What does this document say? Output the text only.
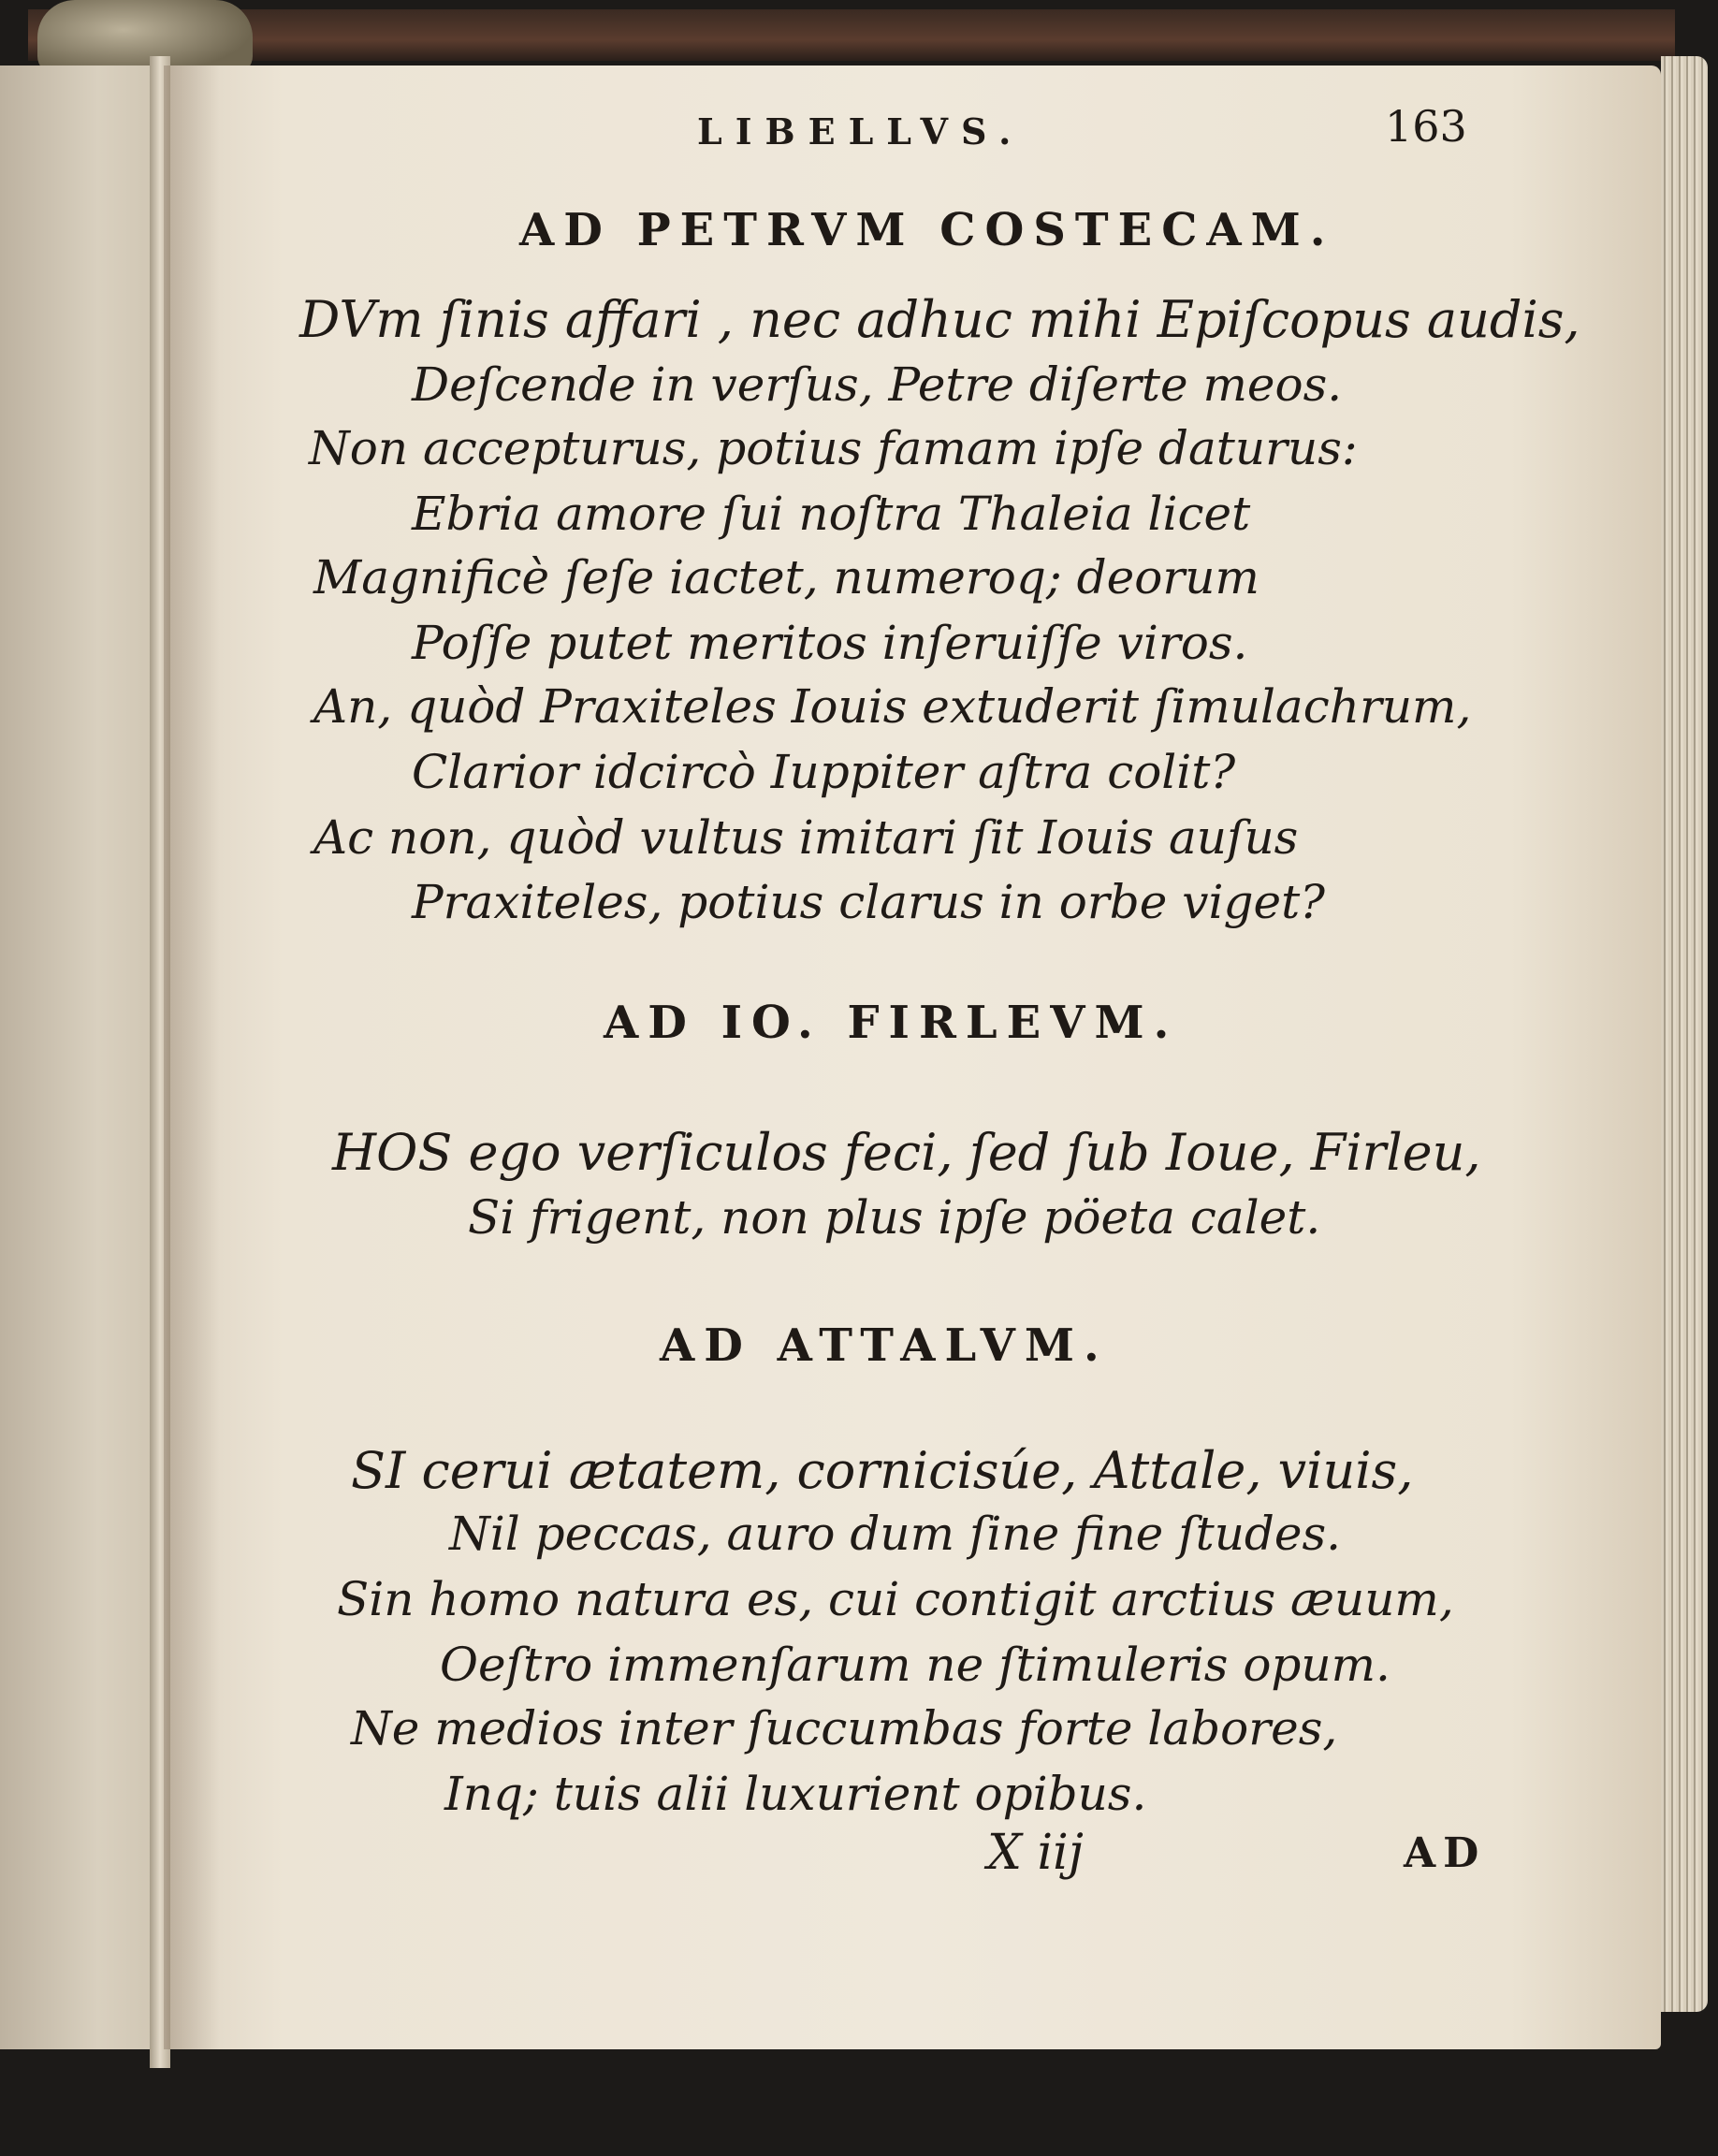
LIBELLVS.	163
AD PETRVM COSTECAM.
DVm ſinis affari , nec adhuc mihi Epiſcopus audis,
Deſcende in verſus, Petre diſerte meos.
Non accepturus, potius famam ipſe daturus:
Ebria amore ſui noſtra Thaleia licet
Magnificè ſeſe iactet, numeroq; deorum
Poſſe putet meritos inſeruiſſe viros.
An, quòd Praxiteles Iouis extuderit ſimulachrum,
Clarior idcircò Iuppiter aſtra colit?
Ac non, quòd vultus imitari ſit Iouis auſus
Praxiteles, potius clarus in orbe viget?
AD IO. FIRLEVM.
HOS ego verſiculos feci, ſed ſub Ioue, Firleu,
Si frigent, non plus ipſe pöeta calet.
AD ATTALVM.
SI cerui ætatem, cornicisúe, Attale, viuis,
Nil peccas, auro dum ſine fine ſtudes.
Sin homo natura es, cui contigit arctius æuum,
Oeſtro immenſarum ne ſtimuleris opum.
Ne medios inter ſuccumbas forte labores,
Inq; tuis alii luxurient opibus.
X iij	AD
